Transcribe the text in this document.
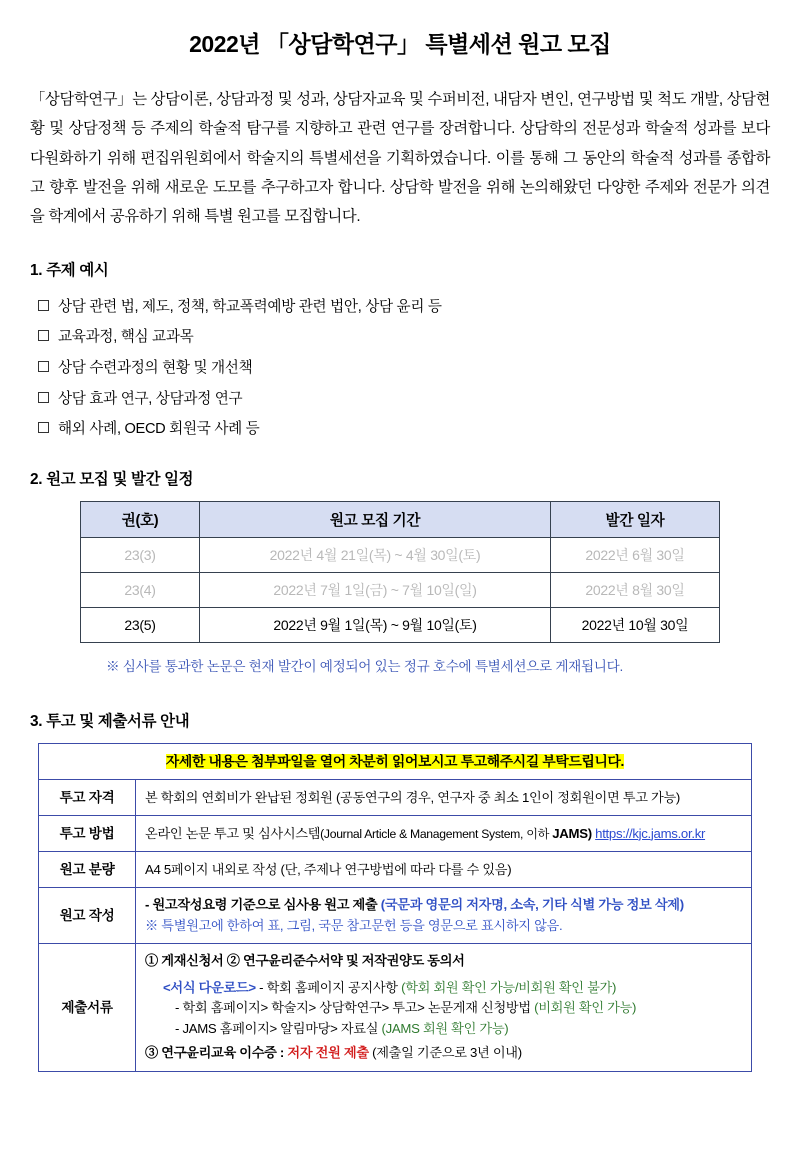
2022년 「상담학연구」 특별세션 원고 모집

「상담학연구」는 상담이론, 상담과정 및 성과, 상담자교육 및 수퍼비전, 내담자 변인, 연구방법 및 척도 개발, 상담현황 및 상담정책 등 주제의 학술적 탐구를 지향하고 관련 연구를 장려합니다. 상담학의 전문성과 학술적 성과를 보다 다원화하기 위해 편집위원회에서 학술지의 특별세션을 기획하였습니다. 이를 통해 그 동안의 학술적 성과를 종합하고 향후 발전을 위해 새로운 도모를 추구하고자 합니다. 상담학 발전을 위해 논의해왔던 다양한 주제와 전문가 의견을 학계에서 공유하기 위해 특별 원고를 모집합니다.

1. 주제 예시
상담 관련 법, 제도, 정책, 학교폭력예방 관련 법안, 상담 윤리 등
교육과정, 핵심 교과목
상담 수련과정의 현황 및 개선책
상담 효과 연구, 상담과정 연구
해외 사례, OECD 회원국 사례 등
2. 원고 모집 및 발간 일정
권(호)	원고 모집 기간	발간 일자
23(3)	2022년 4월 21일(목) ~ 4월 30일(토)	2022년 6월 30일
23(4)	2022년 7월 1일(금) ~ 7월 10일(일)	2022년 8월 30일
23(5)	2022년 9월 1일(목) ~ 9월 10일(토)	2022년 10월 30일
※ 심사를 통과한 논문은 현재 발간이 예정되어 있는 정규 호수에 특별세션으로 게재됩니다.
3. 투고 및 제출서류 안내
자세한 내용은 첨부파일을 열어 차분히 읽어보시고 투고해주시길 부탁드립니다.	
투고 자격	본 학회의 연회비가 완납된 정회원 (공동연구의 경우, 연구자 중 최소 1인이 정회원이면 투고 가능)
투고 방법	온라인 논문 투고 및 심사시스템(Journal Article & Management System, 이하 JAMS) https://kjc.jams.or.kr
원고 분량	A4 5페이지 내외로 작성 (단, 주제나 연구방법에 따라 다를 수 있음)
원고 작성	- 원고작성요령 기준으로 심사용 원고 제출 (국문과 영문의 저자명, 소속, 기타 식별 가능 정보 삭제)
※ 특별원고에 한하여 표, 그림, 국문 참고문헌 등을 영문으로 표시하지 않음.

제출서류	① 게재신청서 ② 연구윤리준수서약 및 저작권양도 동의서
<서식 다운로드> - 학회 홈페이지 공지사항 (학회 회원 확인 가능/비회원 확인 불가)
- 학회 홈페이지> 학술지> 상담학연구> 투고> 논문게재 신청방법 (비회원 확인 가능)
- JAMS 홈페이지> 알림마당> 자료실 (JAMS 회원 확인 가능)
③ 연구윤리교육 이수증 : 저자 전원 제출 (제출일 기준으로 3년 이내)
